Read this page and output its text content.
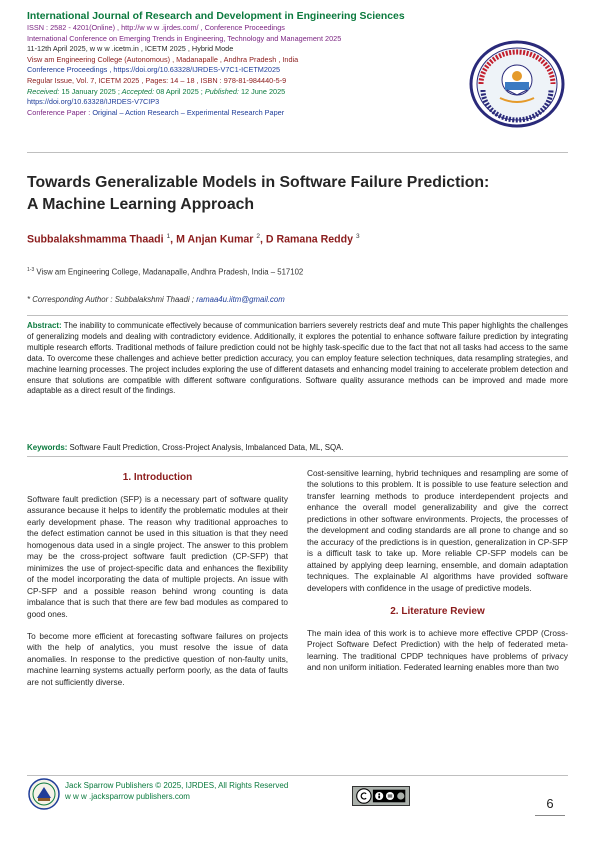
International Journal of Research and Development in Engineering Sciences
ISSN : 2582 - 4201(Online) , http://w w w .ijrdes.com/ , Conference Proceedings
International Conference on Emerging Trends in Engineering, Technology and Management 2025
11-12th April 2025, w w w .icetm.in , ICETM 2025 , Hybrid Mode
Visw am Engineering College (Autonomous) , Madanapalle , Andhra Pradesh , India
Conference Proceedings , https://doi.org/10.63328/IJRDES-V7C1-ICETM2025
Regular Issue, Vol. 7, ICETM 2025 , Pages: 14 – 18 , ISBN : 978-81-984440-5-9
Received: 15 January 2025 ; Accepted: 08 April 2025 ; Published: 12 June 2025
https://doi.org/10.63328/IJRDES-V7CIP3
Conference Paper : Original – Action Research – Experimental Research Paper
Towards Generalizable Models in Software Failure Prediction:
A Machine Learning Approach
Subbalakshmamma Thaadi $^1$, M Anjan Kumar $^2$, D Ramana Reddy $^3$
$^{1-3}$ Visw am Engineering College, Madanapalle, Andhra Pradesh, India – 517102
* Corresponding Author : Subbalakshmi Thaadi ; ramaa4u.iitm@gmail.com
Abstract: The inability to communicate effectively because of communication barriers severely restricts deaf and mute This paper highlights the challenges of generalizing models and dealing with contradictory evidence. Additionally, it explores the potential to enhance software failure prediction by integrating multiple research efforts. Traditional methods of failure prediction could not be highly task-specific due to the fact that not all tasks had access to the same data. To overcome these challenges and achieve better prediction accuracy, you can employ feature selection techniques, data resampling strategies, and machine learning processes. The project includes exploring the use of different datasets and enhancing model training to accelerate problem detection and ensure that solutions are compatible with different software configurations. Software quality assurance methods can be improved and made more adaptable as a direct result of the findings.
Keywords: Software Fault Prediction, Cross-Project Analysis, Imbalanced Data, ML, SQA.
1. Introduction

Software fault prediction (SFP) is a necessary part of software quality assurance because it helps to identify the problematic modules at their early development phase. The reason why traditional approaches to the defect estimation cannot be used in this situation is that they need homogenous data used in a single project. The answer to this problem may be the cross-project software fault prediction (CP-SFP) that minimizes the use of project-specific data and enhances the flexibility of the model incorporating the data of multiple projects. An issue with CP-SFP and a possible reason behind wrong counting is data imbalance that is such that there are few bad modules as compared to good ones.

To become more efficient at forecasting software failures on projects with the help of analytics, you must resolve the issue of data anomalies. In response to the predictive question of non-faulty units, machine learning systems actually perform poorly, as the data of faults are not sufficiently diverse.

Cost-sensitive learning, hybrid techniques and resampling are some of the solutions to this problem. It is possible to use feature selection and transfer learning methods to produce interdependent projects and enhance the overall model generalizability and give the correct predictions in other software environments. Projects, the processes of the development and coding standards are all prone to change and so the accuracy of the predictions is in question, generalization in CP-SFP is a difficult task to take up. More reliable CP-SFP models can be attained by applying deep learning, ensemble, and domain adaptation techniques. The explainable AI algorithms have provided software developers with confidence in the usage of predictive models.

2. Literature Review

The main idea of this work is to achieve more effective CPDP (Cross-Project Software Defect Prediction) with the help of federated meta-learning. The traditional CPDP techniques have problems of privacy and non uniform initiation. Federated learning enables more than two

Jack Sparrow Publishers © 2025, IJRDES, All Rights Reserved
w w w .jacksparrow publishers.com	6
